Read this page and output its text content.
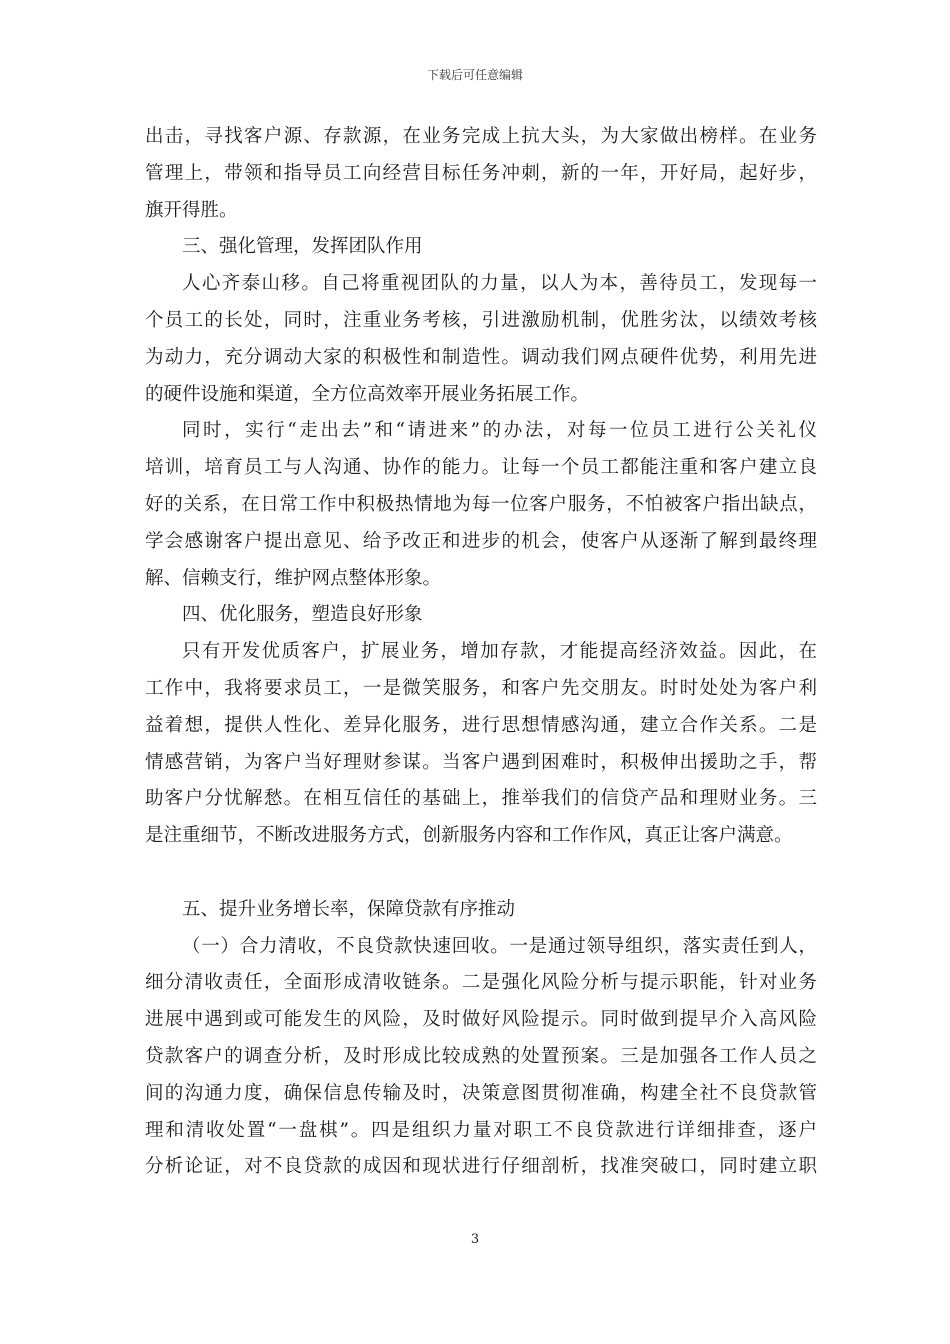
下载后可任意编辑
出击，寻找客户源、存款源，在业务完成上抗大头，为大家做出榜样。在业务
管理上，带领和指导员工向经营目标任务冲刺，新的一年，开好局，起好步，
旗开得胜。
三、强化管理，发挥团队作用
人心齐泰山移。自己将重视团队的力量，以人为本，善待员工，发现每一
个员工的长处，同时，注重业务考核，引进激励机制，优胜劣汰，以绩效考核
为动力，充分调动大家的积极性和制造性。调动我们网点硬件优势，利用先进
的硬件设施和渠道，全方位高效率开展业务拓展工作。
同时，实行“走出去”和“请进来”的办法，对每一位员工进行公关礼仪
培训，培育员工与人沟通、协作的能力。让每一个员工都能注重和客户建立良
好的关系，在日常工作中积极热情地为每一位客户服务，不怕被客户指出缺点，
学会感谢客户提出意见、给予改正和进步的机会，使客户从逐渐了解到最终理
解、信赖支行，维护网点整体形象。
四、优化服务，塑造良好形象
只有开发优质客户，扩展业务，增加存款，才能提高经济效益。因此，在
工作中，我将要求员工，一是微笑服务，和客户先交朋友。时时处处为客户利
益着想，提供人性化、差异化服务，进行思想情感沟通，建立合作关系。二是
情感营销，为客户当好理财参谋。当客户遇到困难时，积极伸出援助之手，帮
助客户分忧解愁。在相互信任的基础上，推举我们的信贷产品和理财业务。三
是注重细节，不断改进服务方式，创新服务内容和工作作风，真正让客户满意。
五、提升业务增长率，保障贷款有序推动
（一）合力清收，不良贷款快速回收。一是通过领导组织，落实责任到人，
细分清收责任，全面形成清收链条。二是强化风险分析与提示职能，针对业务
进展中遇到或可能发生的风险，及时做好风险提示。同时做到提早介入高风险
贷款客户的调查分析，及时形成比较成熟的处置预案。三是加强各工作人员之
间的沟通力度，确保信息传输及时，决策意图贯彻准确，构建全社不良贷款管
理和清收处置“一盘棋”。四是组织力量对职工不良贷款进行详细排查，逐户
分析论证，对不良贷款的成因和现状进行仔细剖析，找准突破口，同时建立职
3
